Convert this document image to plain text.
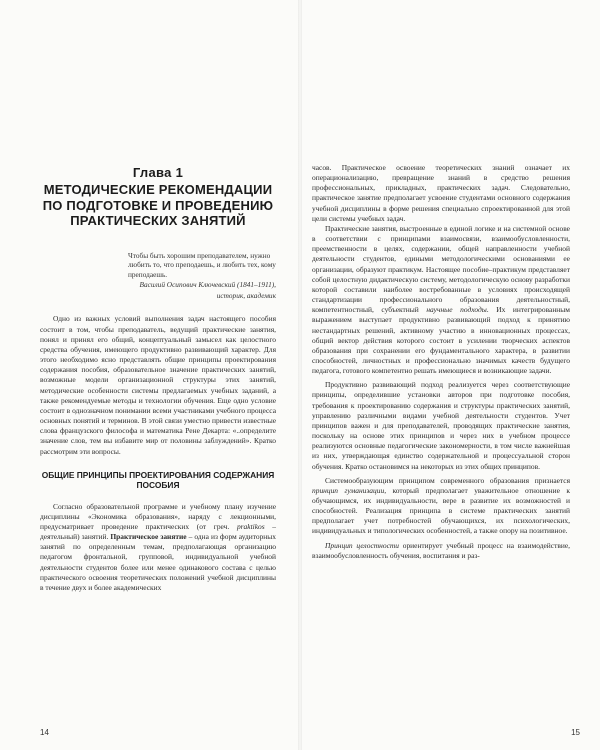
Глава 1
МЕТОДИЧЕСКИЕ РЕКОМЕНДАЦИИ ПО ПОДГОТОВКЕ И ПРОВЕДЕНИЮ ПРАКТИЧЕСКИХ ЗАНЯТИЙ
Чтобы быть хорошим преподавателем, нужно любить то, что преподаешь, и любить тех, кому преподаешь.
Василий Осипович Ключевский (1841–1911),
историк, академик

Одно из важных условий выполнения задач настоящего пособия состоит в том, чтобы преподаватель, ведущий практические занятия, понял и принял его общий, концептуальный замысел как целостного средства обучения, имеющего продуктивно развивающий характер. Для этого необходимо ясно представлять общие принципы проектирования содержания пособия, образовательное значение практических занятий, возможные модели организационной структуры этих занятий, методические особенности системы предлагаемых учебных заданий, а также рекомендуемые методы и технологии обучения. Еще одно условие состоит в однозначном понимании всеми участниками учебного процесса основных понятий и терминов. В этой связи уместно привести известные слова французского философа и математика Рене Декарта: «..определите значение слов, тем вы избавите мир от половины заблуждений». Кратко рассмотрим эти вопросы.

ОБЩИЕ ПРИНЦИПЫ ПРОЕКТИРОВАНИЯ СОДЕРЖАНИЯ ПОСОБИЯ

Согласно образовательной программе и учебному плану изучение дисциплины «Экономика образования», наряду с лекционными, предусматривает проведение практических (от греч. praktikos – деятельный) занятий. Практическое занятие – одна из форм аудиторных занятий по определенным темам, предполагающая организацию педагогом фронтальной, групповой, индивидуальной учебной деятельности студентов более или менее одинакового состава с целью практического освоения теоретических положений учебной дисциплины в течение двух и более академических

14

часов. Практическое освоение теоретических знаний означает их операционализацию, превращение знаний в средство решения профессиональных, прикладных, практических задач. Следовательно, практическое занятие предполагает усвоение студентами основного содержания учебной дисциплины в форме решения специально спроектированной для этой цели системы учебных задач.

Практические занятия, выстроенные в единой логике и на системной основе в соответствии с принципами взаимосвязи, взаимообусловленности, преемственности в целях, содержании, общей направленности учебной деятельности студентов, едиными методологическими основаниями ее организации, образуют практикум. Настоящее пособие–практикум представляет собой целостную дидактическую систему, методологическую основу разработки которой составили наиболее востребованные в условиях происходящей стандартизации профессионального образования деятельностный, компетентностный, субъектный научные подходы. Их интегрированным выражением выступает продуктивно развивающий подход к принятию нестандартных решений, активному участию в инновационных процессах, общий вектор действия которого состоит в усилении творческих аспектов образования при сохранении его фундаментального характера, в развитии способностей, личностных и профессионально значимых качеств будущего педагога, готового компетентно решать имеющиеся и возникающие задачи.

Продуктивно развивающий подход реализуется через соответствующие принципы, определившие установки авторов при подготовке пособия, требования к проектированию содержания и структуры практических занятий, управлению различными видами учебной деятельности студентов. Учет принципов важен и для преподавателей, проводящих практические занятия, поскольку на основе этих принципов и через них в учебном процессе реализуются основные педагогические закономерности, в том числе важнейшая из них, утверждающая единство содержательной и процессуальной сторон обучения. Кратко остановимся на некоторых из этих общих принципов.

Системообразующим принципом современного образования признается принцип гуманизации, который предполагает уважительное отношение к обучающимся, их индивидуальности, вере в развитие их возможностей и способностей. Реализация принципа в системе практических занятий предполагает учет потребностей обучающихся, их психологических, индивидуальных и типологических особенностей, а также опору на позитивное.

Принцип целостности ориентирует учебный процесс на взаимодействие, взаимообусловленность обучения, воспитания и раз-

15
